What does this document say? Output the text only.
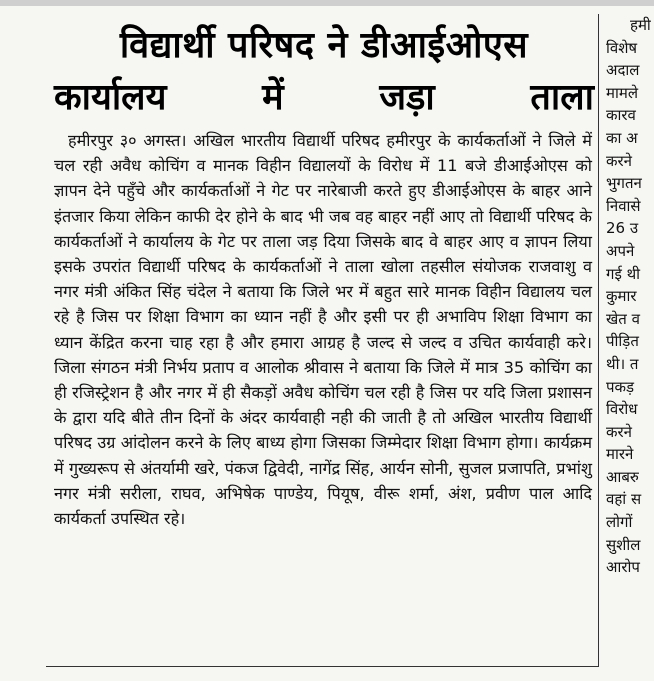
विद्यार्थी परिषद ने डीआईओएस
कार्यालय	में	जड़ा	ताला

हमीरपुर ३० अगस्त। अखिल भारतीय विद्यार्थी परिषद हमीरपुर के कार्यकर्ताओं ने जिले में चल रही अवैध कोचिंग व मानक विहीन विद्यालयों के विरोध में 11 बजे डीआईओएस को ज्ञापन देने पहुँचे और कार्यकर्ताओं ने गेट पर नारेबाजी करते हुए डीआईओएस के बाहर आने इंतजार किया लेकिन काफी देर होने के बाद भी जब वह बाहर नहीं आए तो विद्यार्थी परिषद के कार्यकर्ताओं ने कार्यालय के गेट पर ताला जड़ दिया जिसके बाद वे बाहर आए व ज्ञापन लिया इसके उपरांत विद्यार्थी परिषद के कार्यकर्ताओं ने ताला खोला तहसील संयोजक राजवाशु व नगर मंत्री अंकित सिंह चंदेल ने बताया कि जिले भर में बहुत सारे मानक विहीन विद्यालय चल रहे है जिस पर शिक्षा विभाग का ध्यान नहीं है और इसी पर ही अभाविप शिक्षा विभाग का ध्यान केंद्रित करना चाह रहा है और हमारा आग्रह है जल्द से जल्द व उचित कार्यवाही करे। जिला संगठन मंत्री निर्भय प्रताप व आलोक श्रीवास ने बताया कि जिले में मात्र 35 कोचिंग का ही रजिस्ट्रेशन है और नगर में ही सैकड़ों अवैध कोचिंग चल रही है जिस पर यदि जिला प्रशासन के द्वारा यदि बीते तीन दिनों के अंदर कार्यवाही नही की जाती है तो अखिल भारतीय विद्यार्थी परिषद उग्र आंदोलन करने के लिए बाध्य होगा जिसका जिम्मेदार शिक्षा विभाग होगा। कार्यक्रम में गुख्यरूप से अंतर्यामी खरे, पंकज द्विवेदी, नागेंद्र सिंह, आर्यन सोनी, सुजल प्रजापति, प्रभांशु नगर मंत्री सरीला, राघव, अभिषेक पाण्डेय, पियूष, वीरू शर्मा, अंश, प्रवीण पाल आदि कार्यकर्ता उपस्थित रहे।

हमी
विशेष
अदाल
मामले
कारव
का अ
करने
भुगतन
निवासे
26 उ
अपने
गई थी
कुमार
खेत व
पीड़ित
थी। त
पकड़
विरोध
करने
मारने
आबरु
वहां स
लोगों
सुशील
आरोप
